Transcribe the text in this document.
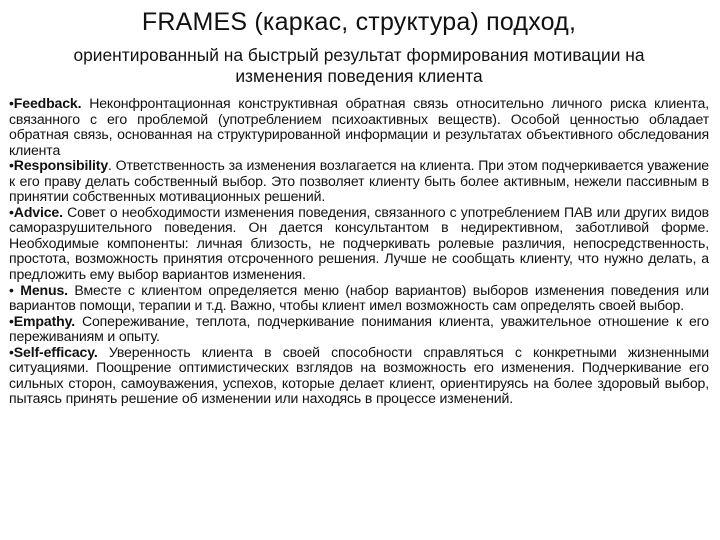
FRAMES (каркас, структура) подход,
ориентированный на быстрый результат формирования мотивации на
изменения поведения клиента

•Feedback. Неконфронтационная конструктивная обратная связь относительно личного риска клиента, связанного с его проблемой (употреблением психоактивных веществ). Особой ценностью обладает обратная связь, основанная на структурированной информации и результатах объективного обследования клиента

•Responsibility. Ответственность за изменения возлагается на клиента. При этом подчеркивается уважение к его праву делать собственный выбор. Это позволяет клиенту быть более активным, нежели пассивным в принятии собственных мотивационных решений.

•Advice. Совет о необходимости изменения поведения, связанного с употреблением ПАВ или других видов саморазрушительного поведения. Он дается консультантом в недирективном, заботливой форме. Необходимые компоненты: личная близость, не подчеркивать ролевые различия, непосредственность, простота, возможность принятия отсроченного решения. Лучше не сообщать клиенту, что нужно делать, а предложить ему выбор вариантов изменения.

• Menus. Вместе с клиентом определяется меню (набор вариантов) выборов изменения поведения или вариантов помощи, терапии и т.д. Важно, чтобы клиент имел возможность сам определять своей выбор.

•Empathy. Сопереживание, теплота, подчеркивание понимания клиента, уважительное отношение к его переживаниям и опыту.

•Self-efficacy. Уверенность клиента в своей способности справляться с конкретными жизненными ситуациями. Поощрение оптимистических взглядов на возможность его изменения. Подчеркивание его сильных сторон, самоуважения, успехов, которые делает клиент, ориентируясь на более здоровый выбор, пытаясь принять решение об изменении или находясь в процессе изменений.
